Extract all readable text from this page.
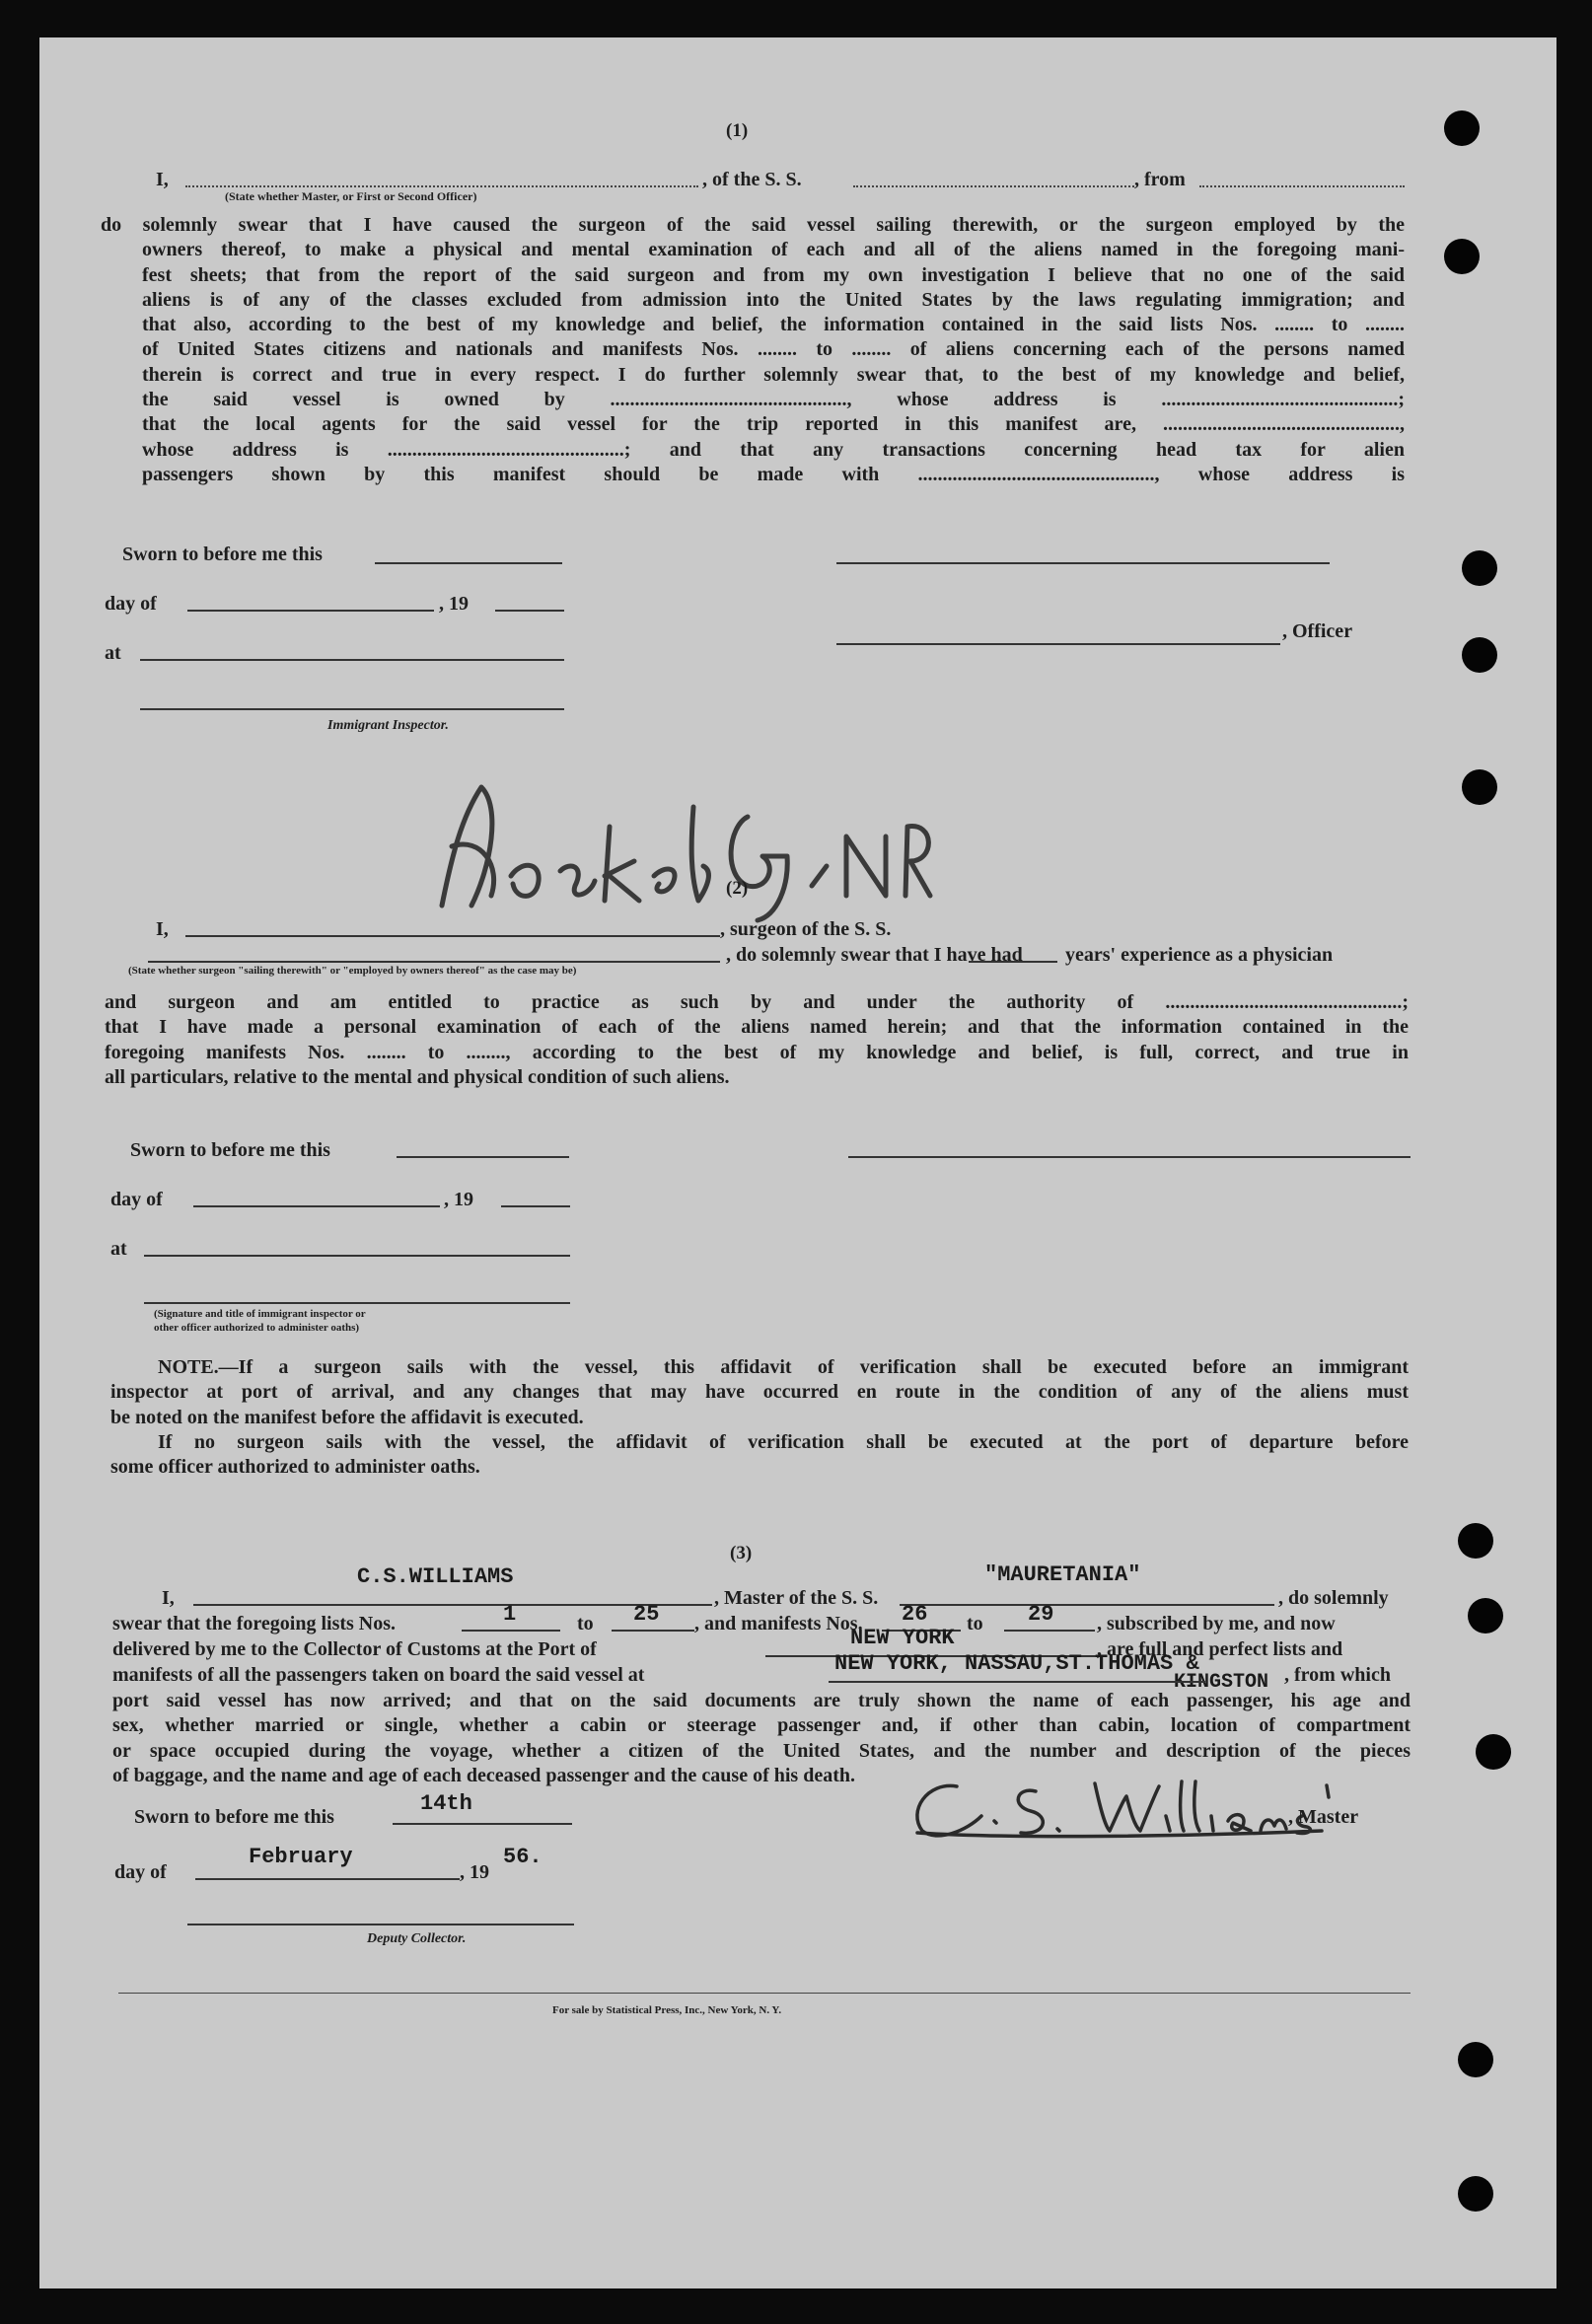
(1)
I,	, of the S. S.	, from
(State whether Master, or First or Second Officer)
do solemnly swear that I have caused the surgeon of the said vessel sailing therewith, or the surgeon employed by the
owners thereof, to make a physical and mental examination of each and all of the aliens named in the foregoing mani-
fest sheets; that from the report of the said surgeon and from my own investigation I believe that no one of the said
aliens is of any of the classes excluded from admission into the United States by the laws regulating immigration; and
that also, according to the best of my knowledge and belief, the information contained in the said lists Nos. ........ to ........
of United States citizens and nationals and manifests Nos. ........ to ........ of aliens concerning each of the persons named
therein is correct and true in every respect. I do further solemnly swear that, to the best of my knowledge and belief,
the said vessel is owned by ................................................, whose address is ................................................;
that the local agents for the said vessel for the trip reported in this manifest are, ................................................,
whose address is ................................................; and that any transactions concerning head tax for alien
passengers shown by this manifest should be made with ................................................, whose address is
Sworn to before me this
day of	, 19
at
, Officer
Immigrant Inspector.
(2)
I,	, surgeon of the S. S.
, do solemnly swear that I have had years' experience as a physician
(State whether surgeon "sailing therewith" or "employed by owners thereof" as the case may be)
and surgeon and am entitled to practice as such by and under the authority of ................................................;
that I have made a personal examination of each of the aliens named herein; and that the information contained in the
foregoing manifests Nos. ........ to ........, according to the best of my knowledge and belief, is full, correct, and true in
all particulars, relative to the mental and physical condition of such aliens.
Sworn to before me this
day of	, 19
at
(Signature and title of immigrant inspector or
other officer authorized to administer oaths)
NOTE.—If a surgeon sails with the vessel, this affidavit of verification shall be executed before an immigrant
inspector at port of arrival, and any changes that may have occurred en route in the condition of any of the aliens must
be noted on the manifest before the affidavit is executed.
If no surgeon sails with the vessel, the affidavit of verification shall be executed at the port of departure before
some officer authorized to administer oaths.
(3)
I,
C.S.WILLIAMS
, Master of the S. S.
"MAURETANIA"
, do solemnly
swear that the foregoing lists Nos.	1	to 25 , and manifests Nos. 26 to 29 , subscribed by me, and now
delivered by me to the Collector of Customs at the Port of	NEW YORK	, are full and perfect lists and
manifests of all the passengers taken on board the said vessel at	NEW YORK, NASSAU,ST.THOMAS &
KINGSTON , from which
port said vessel has now arrived; and that on the said documents are truly shown the name of each passenger, his age and
sex, whether married or single, whether a cabin or steerage passenger and, if other than cabin, location of compartment
or space occupied during the voyage, whether a citizen of the United States, and the number and description of the pieces
of baggage, and the name and age of each deceased passenger and the cause of his death.
Sworn to before me this
14th
, Master
day of
February
, 19
56.
Deputy Collector.
For sale by Statistical Press, Inc., New York, N. Y.
